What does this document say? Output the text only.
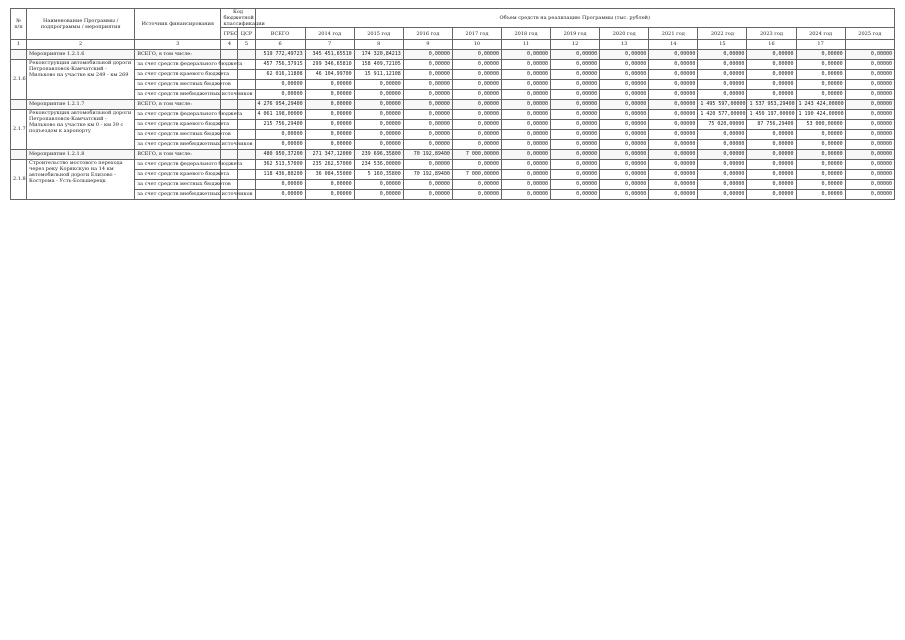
№ п/п	Наименование Программы / подпрограммы / мероприятия	Источник финансирования	Код бюджетной классификации		Объем средств на реализацию Программы (тыс. рублей)												
			ГРБС	ЦСР	ВСЕГО	2014 год	2015 год	2016 год	2017 год	2018 год	2019 год	2020 год	2021 год	2022 год	2023 год	2024 год	2025 год
1	2	3	4	5	6	7	8	9	10	11	12	13	14	15	16	17	
	Мероприятие 1.2.1.6	ВСЕГО, в том числе:			519 772,49723	345 451,65510	174 320,84213	0,00000	0,00000	0,00000	0,00000	0,00000	0,00000	0,00000	0,00000	0,00000	0,00000
2.1.6	Реконструкция автомобильной дороги Петропавловск-Камчатский - Мильково на участке км 249 - км 269	за счет средств федерального бюджета			457 756,37915	299 346,65810	158 409,72105	0,00000	0,00000	0,00000	0,00000	0,00000	0,00000	0,00000	0,00000	0,00000	0,00000
		за счет средств краевого бюджета			62 016,11808	46 104,99700	15 911,12108	0,00000	0,00000	0,00000	0,00000	0,00000	0,00000	0,00000	0,00000	0,00000	0,00000
		за счет средств местных бюджетов			0,00000	0,00000	0,00000	0,00000	0,00000	0,00000	0,00000	0,00000	0,00000	0,00000	0,00000	0,00000	0,00000
		за счет средств внебюджетных источников			0,00000	0,00000	0,00000	0,00000	0,00000	0,00000	0,00000	0,00000	0,00000	0,00000	0,00000	0,00000	0,00000
	Мероприятие 1.2.1.7	ВСЕГО, в том числе:			4 276 954,29400	0,00000	0,00000	0,00000	0,00000	0,00000	0,00000	0,00000	0,00000	1 495 597,00000	1 537 953,29400	1 243 424,00000	0,00000
2.1.7	Реконструкция автомобильной дороги Петропавловск-Камчатский - Мильково на участке км 0 - км 39 с подъездом к аэропорту	за счет средств федерального бюджета			4 061 198,00000	0,00000	0,00000	0,00000	0,00000	0,00000	0,00000	0,00000	0,00000	1 420 577,00000	1 450 197,00000	1 190 424,00000	0,00000
		за счет средств краевого бюджета			215 756,29400	0,00000	0,00000	0,00000	0,00000	0,00000	0,00000	0,00000	0,00000	75 020,00000	87 756,29400	53 000,00000	0,00000
		за счет средств местных бюджетов			0,00000	0,00000	0,00000	0,00000	0,00000	0,00000	0,00000	0,00000	0,00000	0,00000	0,00000	0,00000	0,00000
		за счет средств внебюджетных источников			0,00000	0,00000	0,00000	0,00000	0,00000	0,00000	0,00000	0,00000	0,00000	0,00000	0,00000	0,00000	0,00000
	Мероприятие 1.2.1.8	ВСЕГО, в том числе:			480 950,37200	271 347,12000	239 696,35800	70 192,89400	7 000,00000	0,00000	0,00000	0,00000	0,00000	0,00000	0,00000	0,00000	0,00000
2.1.8	Строительство мостового перехода через реку Корякскую на 14 км автомобильной дороги Елизово - Кострома - Усть-Большерецк	за счет средств федерального бюджета			362 513,57000	235 262,57000	234 536,00000	0,00000	0,00000	0,00000	0,00000	0,00000	0,00000	0,00000	0,00000	0,00000	0,00000
		за счет средств краевого бюджета			118 436,80200	36 084,55000	5 160,35800	70 192,89400	7 000,00000	0,00000	0,00000	0,00000	0,00000	0,00000	0,00000	0,00000	0,00000
		за счет средств местных бюджетов			0,00000	0,00000	0,00000	0,00000	0,00000	0,00000	0,00000	0,00000	0,00000	0,00000	0,00000	0,00000	0,00000
		за счет средств внебюджетных источников			0,00000	0,00000	0,00000	0,00000	0,00000	0,00000	0,00000	0,00000	0,00000	0,00000	0,00000	0,00000	0,00000
